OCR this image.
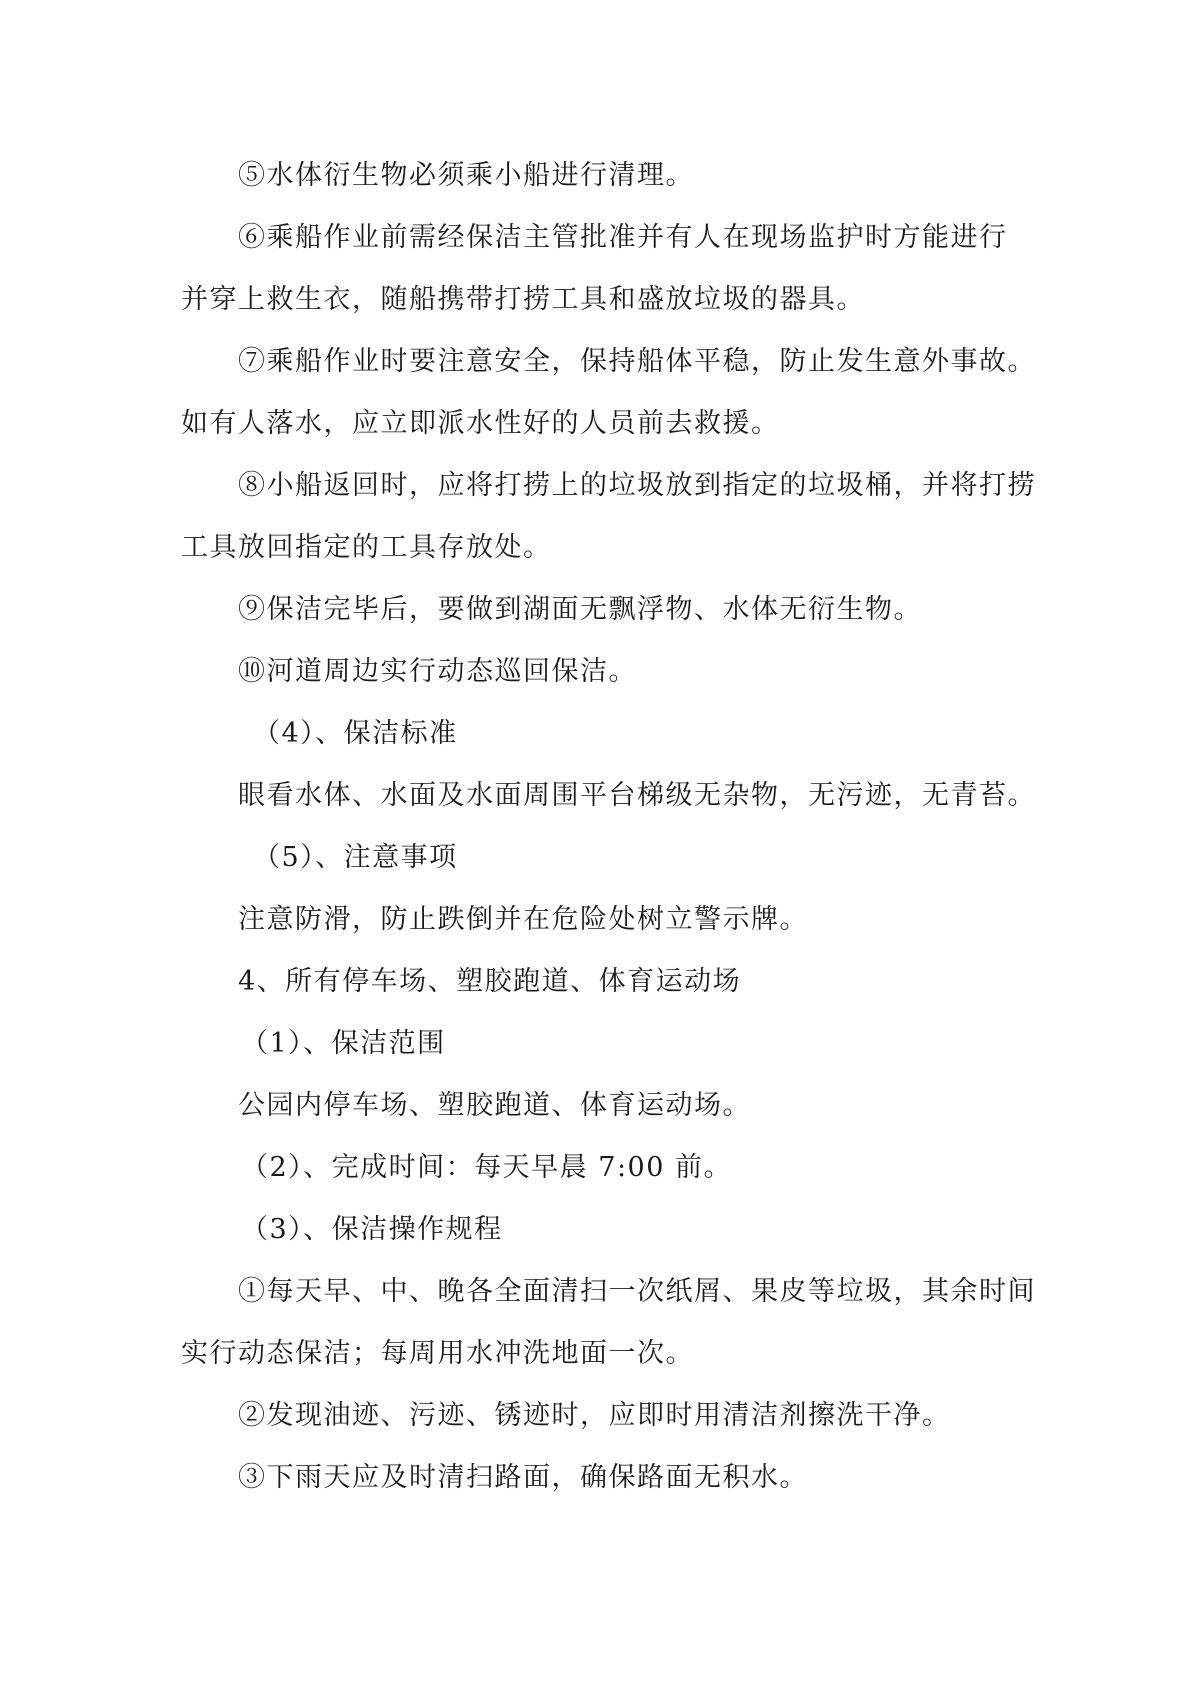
⑤水体衍生物必须乘小船进行清理。

⑥乘船作业前需经保洁主管批准并有人在现场监护时方能进行

并穿上救生衣，随船携带打捞工具和盛放垃圾的器具。

⑦乘船作业时要注意安全，保持船体平稳，防止发生意外事故。

如有人落水，应立即派水性好的人员前去救援。

⑧小船返回时，应将打捞上的垃圾放到指定的垃圾桶，并将打捞

工具放回指定的工具存放处。

⑨保洁完毕后，要做到湖面无飘浮物、水体无衍生物。

⑩河道周边实行动态巡回保洁。

（4）、保洁标准

眼看水体、水面及水面周围平台梯级无杂物，无污迹，无青苔。

（5）、注意事项

注意防滑，防止跌倒并在危险处树立警示牌。

4、所有停车场、塑胶跑道、体育运动场

（1）、保洁范围

公园内停车场、塑胶跑道、体育运动场。

（2）、完成时间：每天早晨 7:00 前。

（3）、保洁操作规程

①每天早、中、晚各全面清扫一次纸屑、果皮等垃圾，其余时间

实行动态保洁；每周用水冲洗地面一次。

②发现油迹、污迹、锈迹时，应即时用清洁剂擦洗干净。

③下雨天应及时清扫路面，确保路面无积水。
